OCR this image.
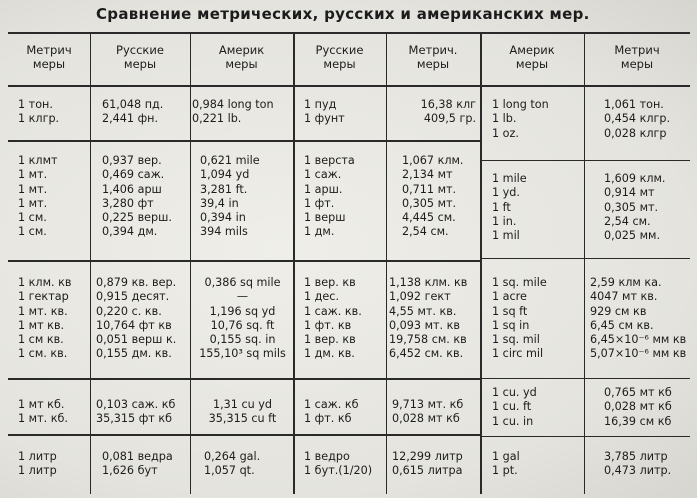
Сравнение метрических, русских и американских мер.
Метрич
меры
Русские
меры
Америк
меры
Русские
меры
Метрич.
меры
Америк
меры
Метрич
меры
1 тон.
1 клгр.
61,048 пд.
2,441 фн.
0,984 long ton
0,221 lb.
1 пуд
1 фунт
16,38 клг
409,5 гр.
1 long ton
1 lb.
1 oz.
1,061 тон.
0,454 клгр.
0,028 клгр
1 клмт
1 мт.
1 мт.
1 мт.
1 см.
1 см.
0,937 вер.
0,469 саж.
1,406 арш
3,280 фт
0,225 верш.
0,394 дм.
0,621 mile
1,094 yd
3,281 ft.
39,4 in
0,394 in
394 mils
1 верста
1 саж.
1 арш.
1 фт.
1 верш
1 дм.
1,067 клм.
2,134 мт
0,711 мт.
0,305 мт.
4,445 см.
2,54 см.
1 mile
1 yd.
1 ft
1 in.
1 mil
1,609 клм.
0,914 мт
0,305 мт.
2,54 см.
0,025 мм.
1 клм. кв
1 гектар
1 мт. кв.
1 мт кв.
1 см кв.
1 см. кв.
0,879 кв. вер.
0,915 десят.
0,220 с. кв.
10,764 фт кв
0,051 верш к.
0,155 дм. кв.
0,386 sq mile
—
1,196 sq yd
10,76 sq. ft
0,155 sq. in
155,10³ sq mils
1 вер. кв
1 дес.
1 саж. кв.
1 фт. кв
1 вер. кв
1 дм. кв.
1,138 клм. кв
1,092 гект
4,55 мт. кв.
0,093 мт. кв
19,758 см. кв
6,452 см. кв.
1 sq. mile
1 acre
1 sq ft
1 sq in
1 sq. mil
1 circ mil
2,59 клм ка.
4047 мт кв.
929 см кв
6,45 см кв.
6,45×10⁻⁶ мм кв
5,07×10⁻⁶ мм кв
1 мт кб.
1 мт. кб.
0,103 саж. кб
35,315 фт кб
1,31 cu yd
35,315 cu ft
1 саж. кб
1 фт. кб
9,713 мт. кб
0,028 мт кб
1 cu. yd
1 cu. ft
1 cu. in
0,765 мт кб
0,028 мт кб
16,39 см кб
1 литр
1 литр
0,081 ведра
1,626 бут
0,264 gal.
1,057 qt.
1 ведро
1 бут.(1/20)
12,299 литр
0,615 литра
1 gal
1 pt.
3,785 литр
0,473 литр.
